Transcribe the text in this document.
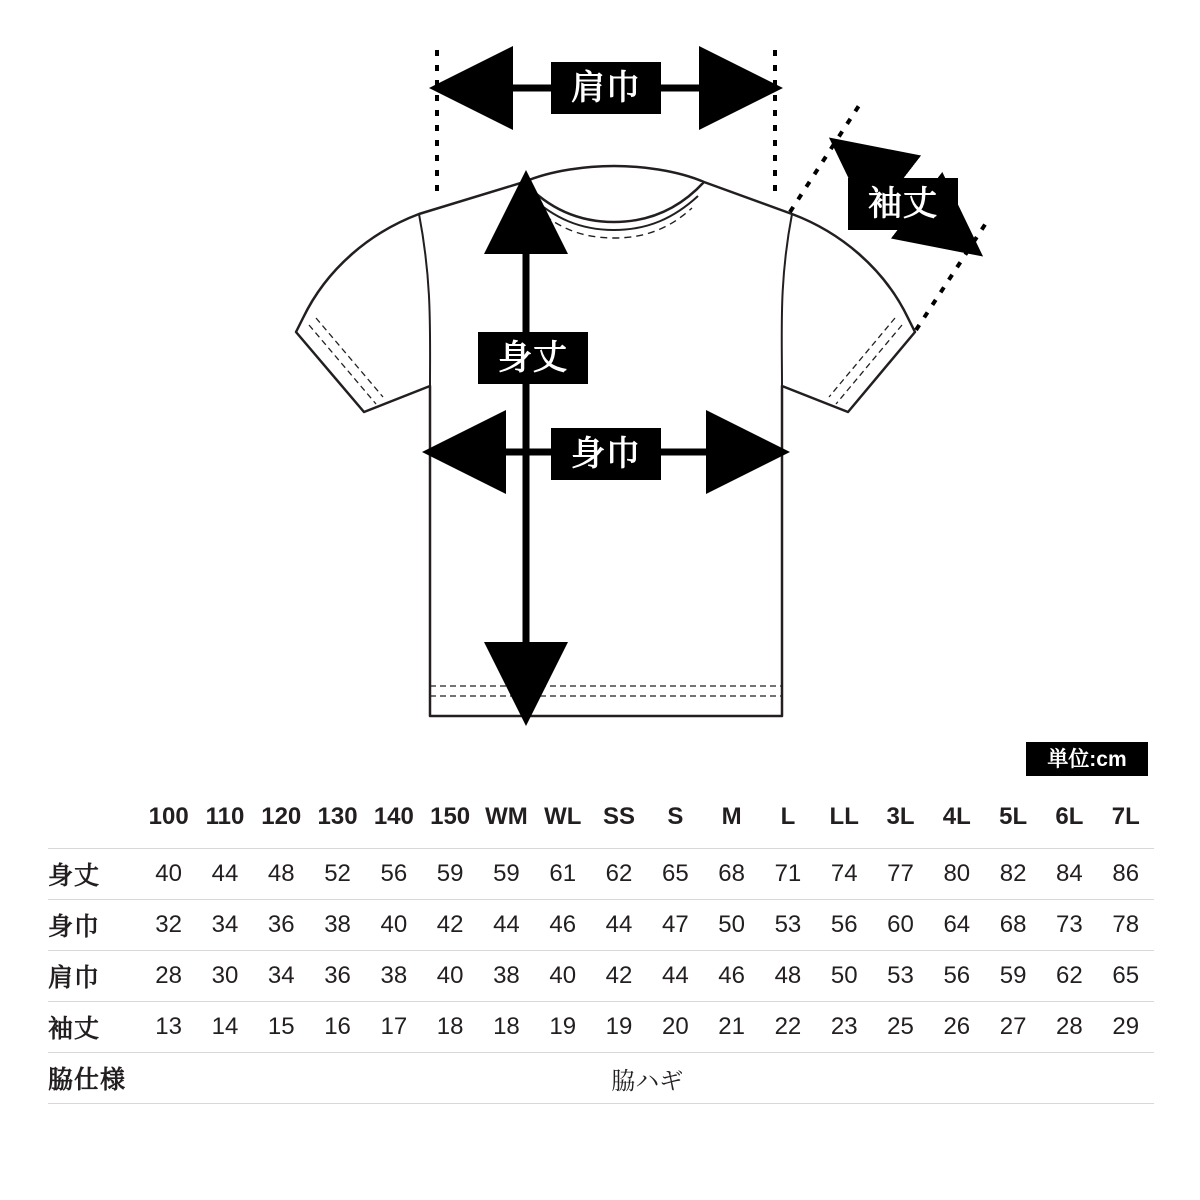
肩巾
袖丈
身丈
身巾
単位:cm
	100	110	120	130	140	150	WM	WL	SS	S	M	L	LL	3L	4L	5L	6L	7L
身丈	40	44	48	52	56	59	59	61	62	65	68	71	74	77	80	82	84	86
身巾	32	34	36	38	40	42	44	46	44	47	50	53	56	60	64	68	73	78
肩巾	28	30	34	36	38	40	38	40	42	44	46	48	50	53	56	59	62	65
袖丈	13	14	15	16	17	18	18	19	19	20	21	22	23	25	26	27	28	29
脇仕様	脇ハギ																	
